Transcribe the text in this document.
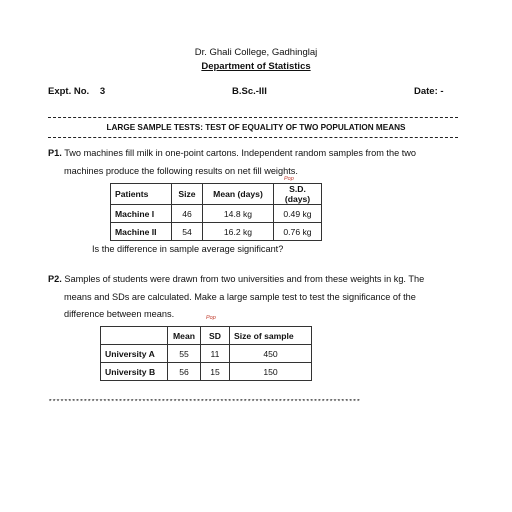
Dr. Ghali College, Gadhinglaj
Department of Statistics
Expt. No. 3	B.Sc.-III	Date: -
LARGE SAMPLE TESTS: TEST OF EQUALITY OF TWO POPULATION MEANS
P1. Two machines fill milk in one-point cartons. Independent random samples from the two
machines produce the following results on net fill weights.
Pop
Patients	Size	Mean (days)	S.D. (days)
Machine I	46	14.8 kg	0.49 kg
Machine II	54	16.2 kg	0.76 kg
Is the difference in sample average significant?
P2. Samples of students were drawn from two universities and from these weights in kg. The
means and SDs are calculated. Make a large sample test to test the significance of the
difference between means.	Pop
	Mean	SD	Size of sample
University A	55	11	450
University B	56	15	150
********************************************************************************
